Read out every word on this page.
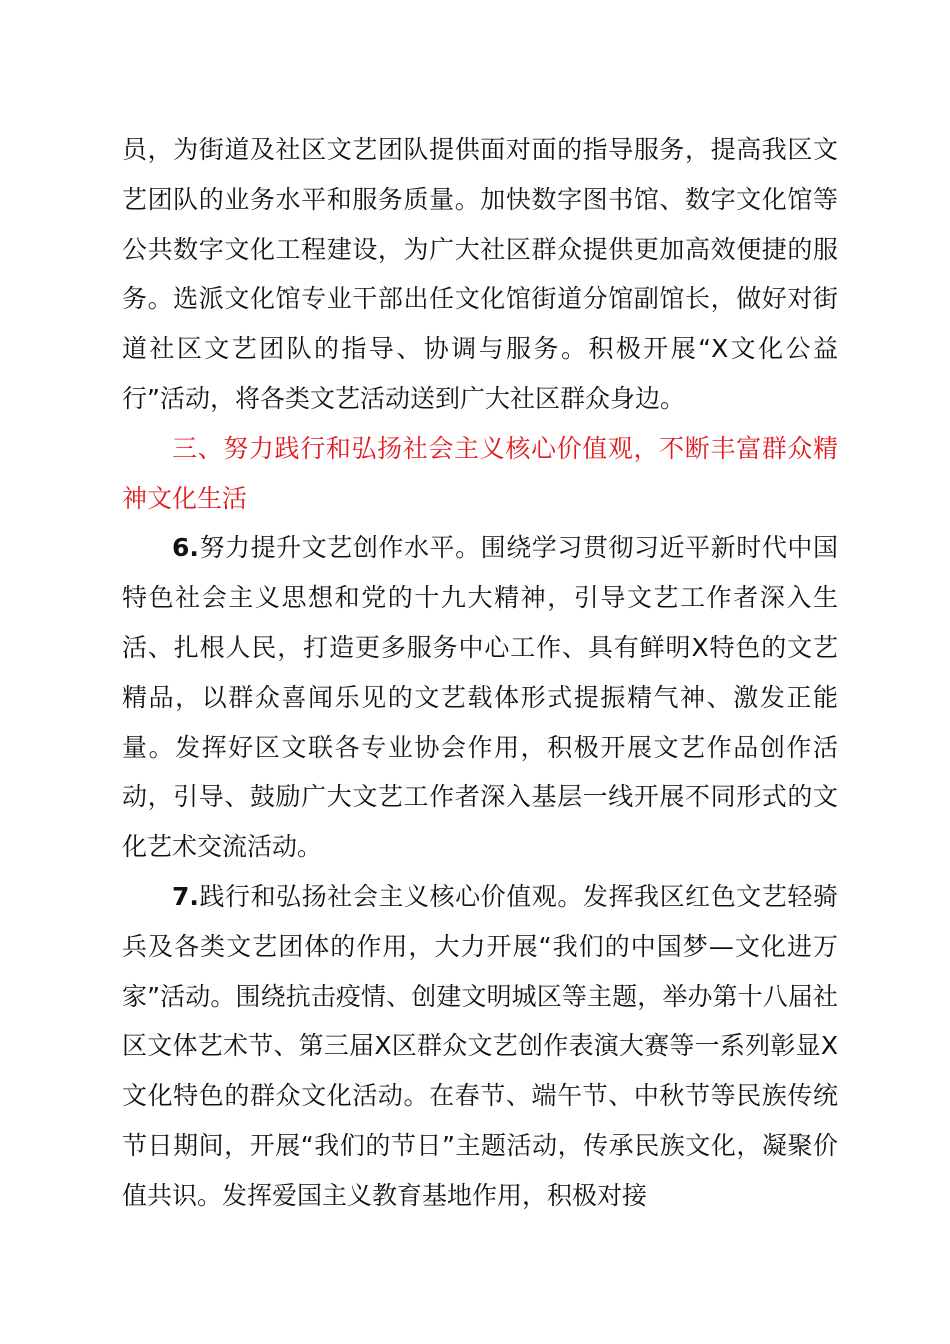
员，为街道及社区文艺团队提供面对面的指导服务，提高我区文艺团队的业务水平和服务质量。加快数字图书馆、数字文化馆等公共数字文化工程建设，为广大社区群众提供更加高效便捷的服务。选派文化馆专业干部出任文化馆街道分馆副馆长，做好对街道社区文艺团队的指导、协调与服务。积极开展“X文化公益行”活动，将各类文艺活动送到广大社区群众身边。

三、努力践行和弘扬社会主义核心价值观，不断丰富群众精神文化生活

6.努力提升文艺创作水平。围绕学习贯彻习近平新时代中国特色社会主义思想和党的十九大精神，引导文艺工作者深入生活、扎根人民，打造更多服务中心工作、具有鲜明X特色的文艺精品，以群众喜闻乐见的文艺载体形式提振精气神、激发正能量。发挥好区文联各专业协会作用，积极开展文艺作品创作活动，引导、鼓励广大文艺工作者深入基层一线开展不同形式的文化艺术交流活动。

7.践行和弘扬社会主义核心价值观。发挥我区红色文艺轻骑兵及各类文艺团体的作用，大力开展“我们的中国梦—文化进万家”活动。围绕抗击疫情、创建文明城区等主题，举办第十八届社区文体艺术节、第三届X区群众文艺创作表演大赛等一系列彰显X文化特色的群众文化活动。在春节、端午节、中秋节等民族传统节日期间，开展“我们的节日”主题活动，传承民族文化，凝聚价值共识。发挥爱国主义教育基地作用，积极对接
